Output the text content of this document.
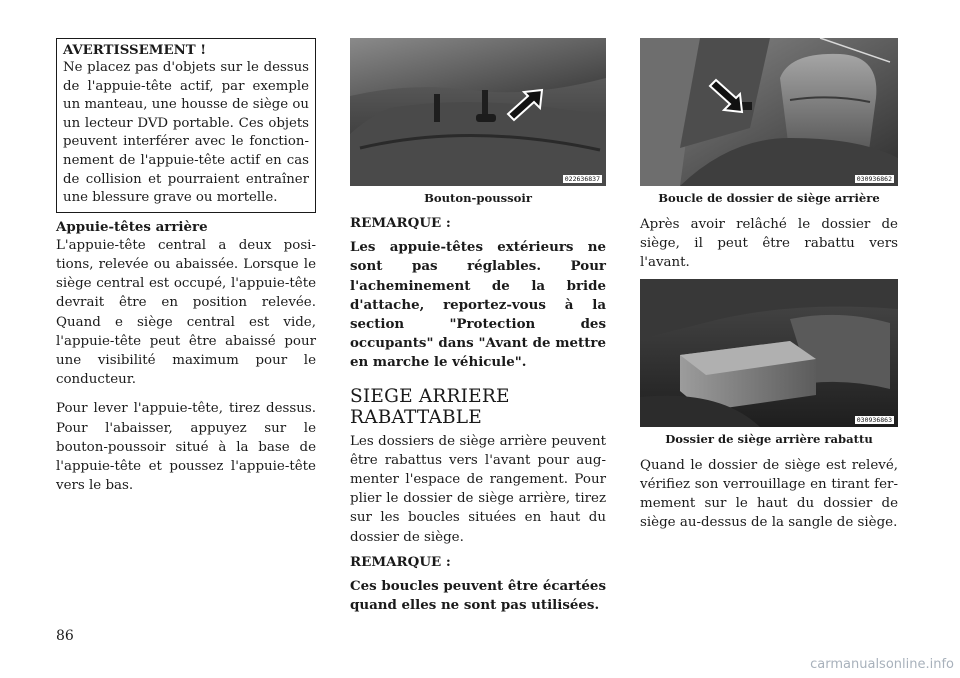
AVERTISSEMENT !
Ne placez pas d'objets sur le dessus de l'appuie-tête actif, par exemple un manteau, une housse de siège ou un lecteur DVD portable. Ces objets peuvent interférer avec le fonctionnement de l'appuie-tête actif en cas de collision et pourraient entraîner une blessure grave ou mortelle.
Appuie-têtes arrière

L'appuie-tête central a deux positions, relevée ou abaissée. Lorsque le siège central est occupé, l'appuie-tête devrait être en position relevée. Quand e siège central est vide, l'appuie-tête peut être abaissé pour une visibilité maximum pour le conducteur.

Pour lever l'appuie-tête, tirez dessus. Pour l'abaisser, appuyez sur le bouton-poussoir situé à la base de l'appuie-tête et poussez l'appuie-tête vers le bas.

022636837
Bouton-poussoir
REMARQUE :

Les appuie-têtes extérieurs ne sont pas réglables. Pour l'acheminement de la bride d'attache, reportez-vous à la section "Protection des occupants" dans "Avant de mettre en marche le véhicule".

SIEGE ARRIERE
RABATTABLE

Les dossiers de siège arrière peuvent être rabattus vers l'avant pour augmenter l'espace de rangement. Pour plier le dossier de siège arrière, tirez sur les boucles situées en haut du dossier de siège.

REMARQUE :

Ces boucles peuvent être écartées quand elles ne sont pas utilisées.

030936862
Boucle de dossier de siège arrière

Après avoir relâché le dossier de siège, il peut être rabattu vers l'avant.

030936863
Dossier de siège arrière rabattu

Quand le dossier de siège est relevé, vérifiez son verrouillage en tirant fermement sur le haut du dossier de siège au-dessus de la sangle de siège.

86
carmanualsonline.info
